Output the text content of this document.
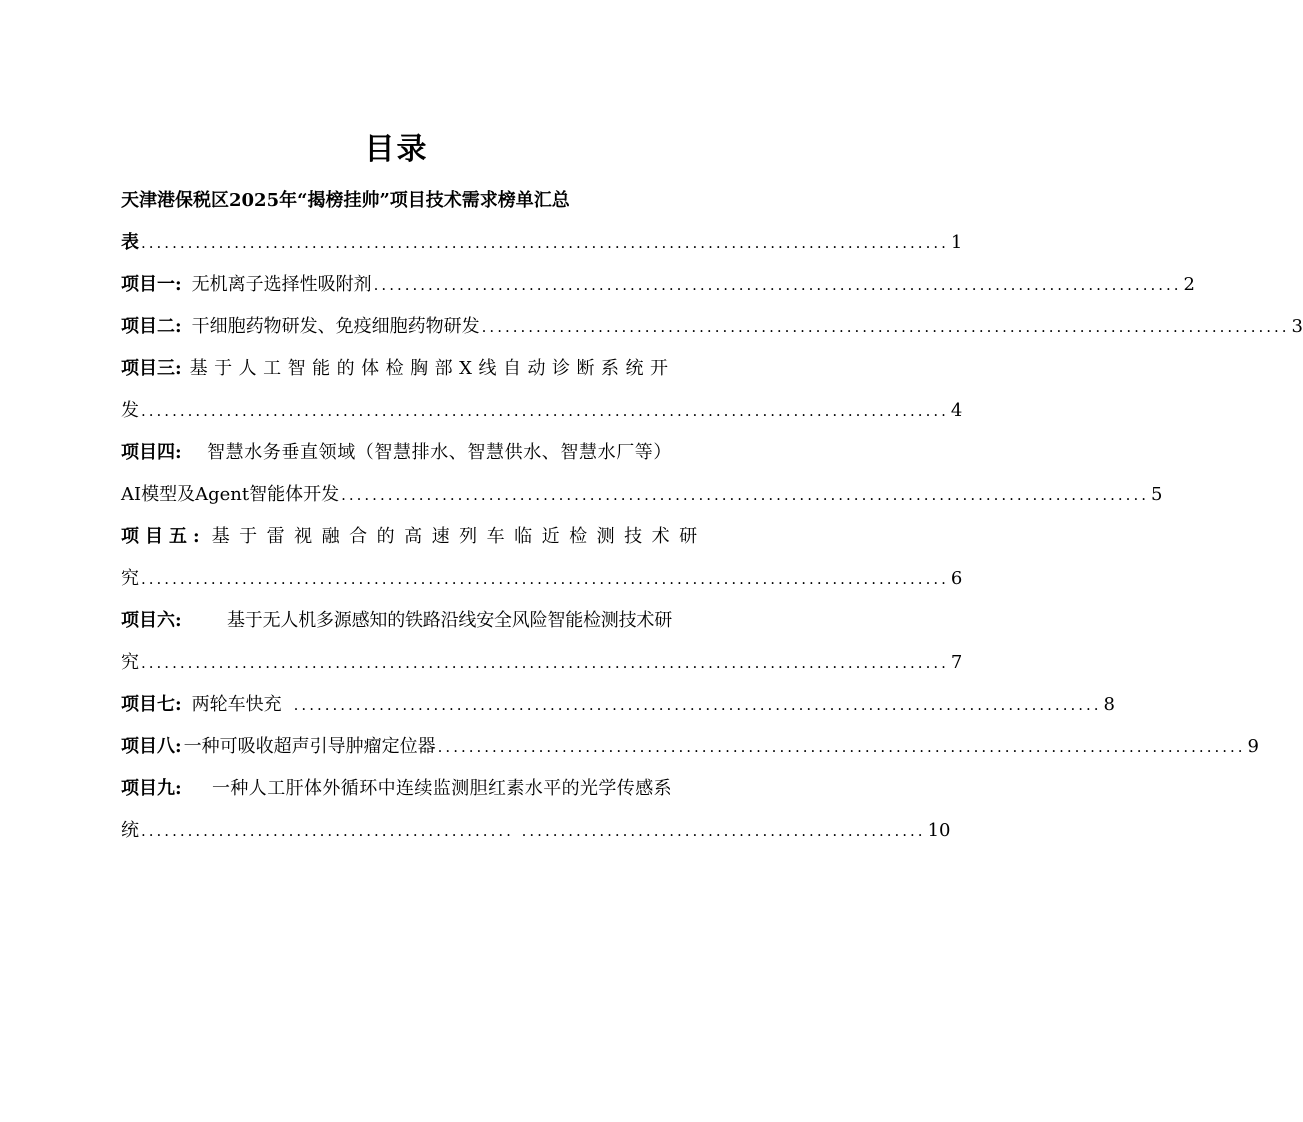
目录
天津港保税区2025年“揭榜挂帅”项目技术需求榜单汇总
表 ........................................................................................................ 1
项目一: 无机离子选择性吸附剂 ........................................................................................................ 2
项目二: 干细胞药物研发、免疫细胞药物研发 ........................................................................................................ 3
项目三: 基于人工智能的体检胸部X线自动诊断系统开
发 ........................................................................................................ 4
项目四: 智慧水务垂直领域（智慧排水、智慧供水、智慧水厂等）
AI模型及Agent智能体开发 ........................................................................................................ 5
项目五: 基于雷视融合的高速列车临近检测技术研
究 ........................................................................................................ 6
项目六:	基于无人机多源感知的铁路沿线安全风险智能检测技术研
究 ........................................................................................................ 7
项目七: 两轮车快充 ........................................................................................................ 8
项目八: 一种可吸收超声引导肿瘤定位器 ........................................................................................................ 9
项目九: 一种人工肝体外循环中连续监测胆红素水平的光学传感系
统 ................................................ .................................................... 10
